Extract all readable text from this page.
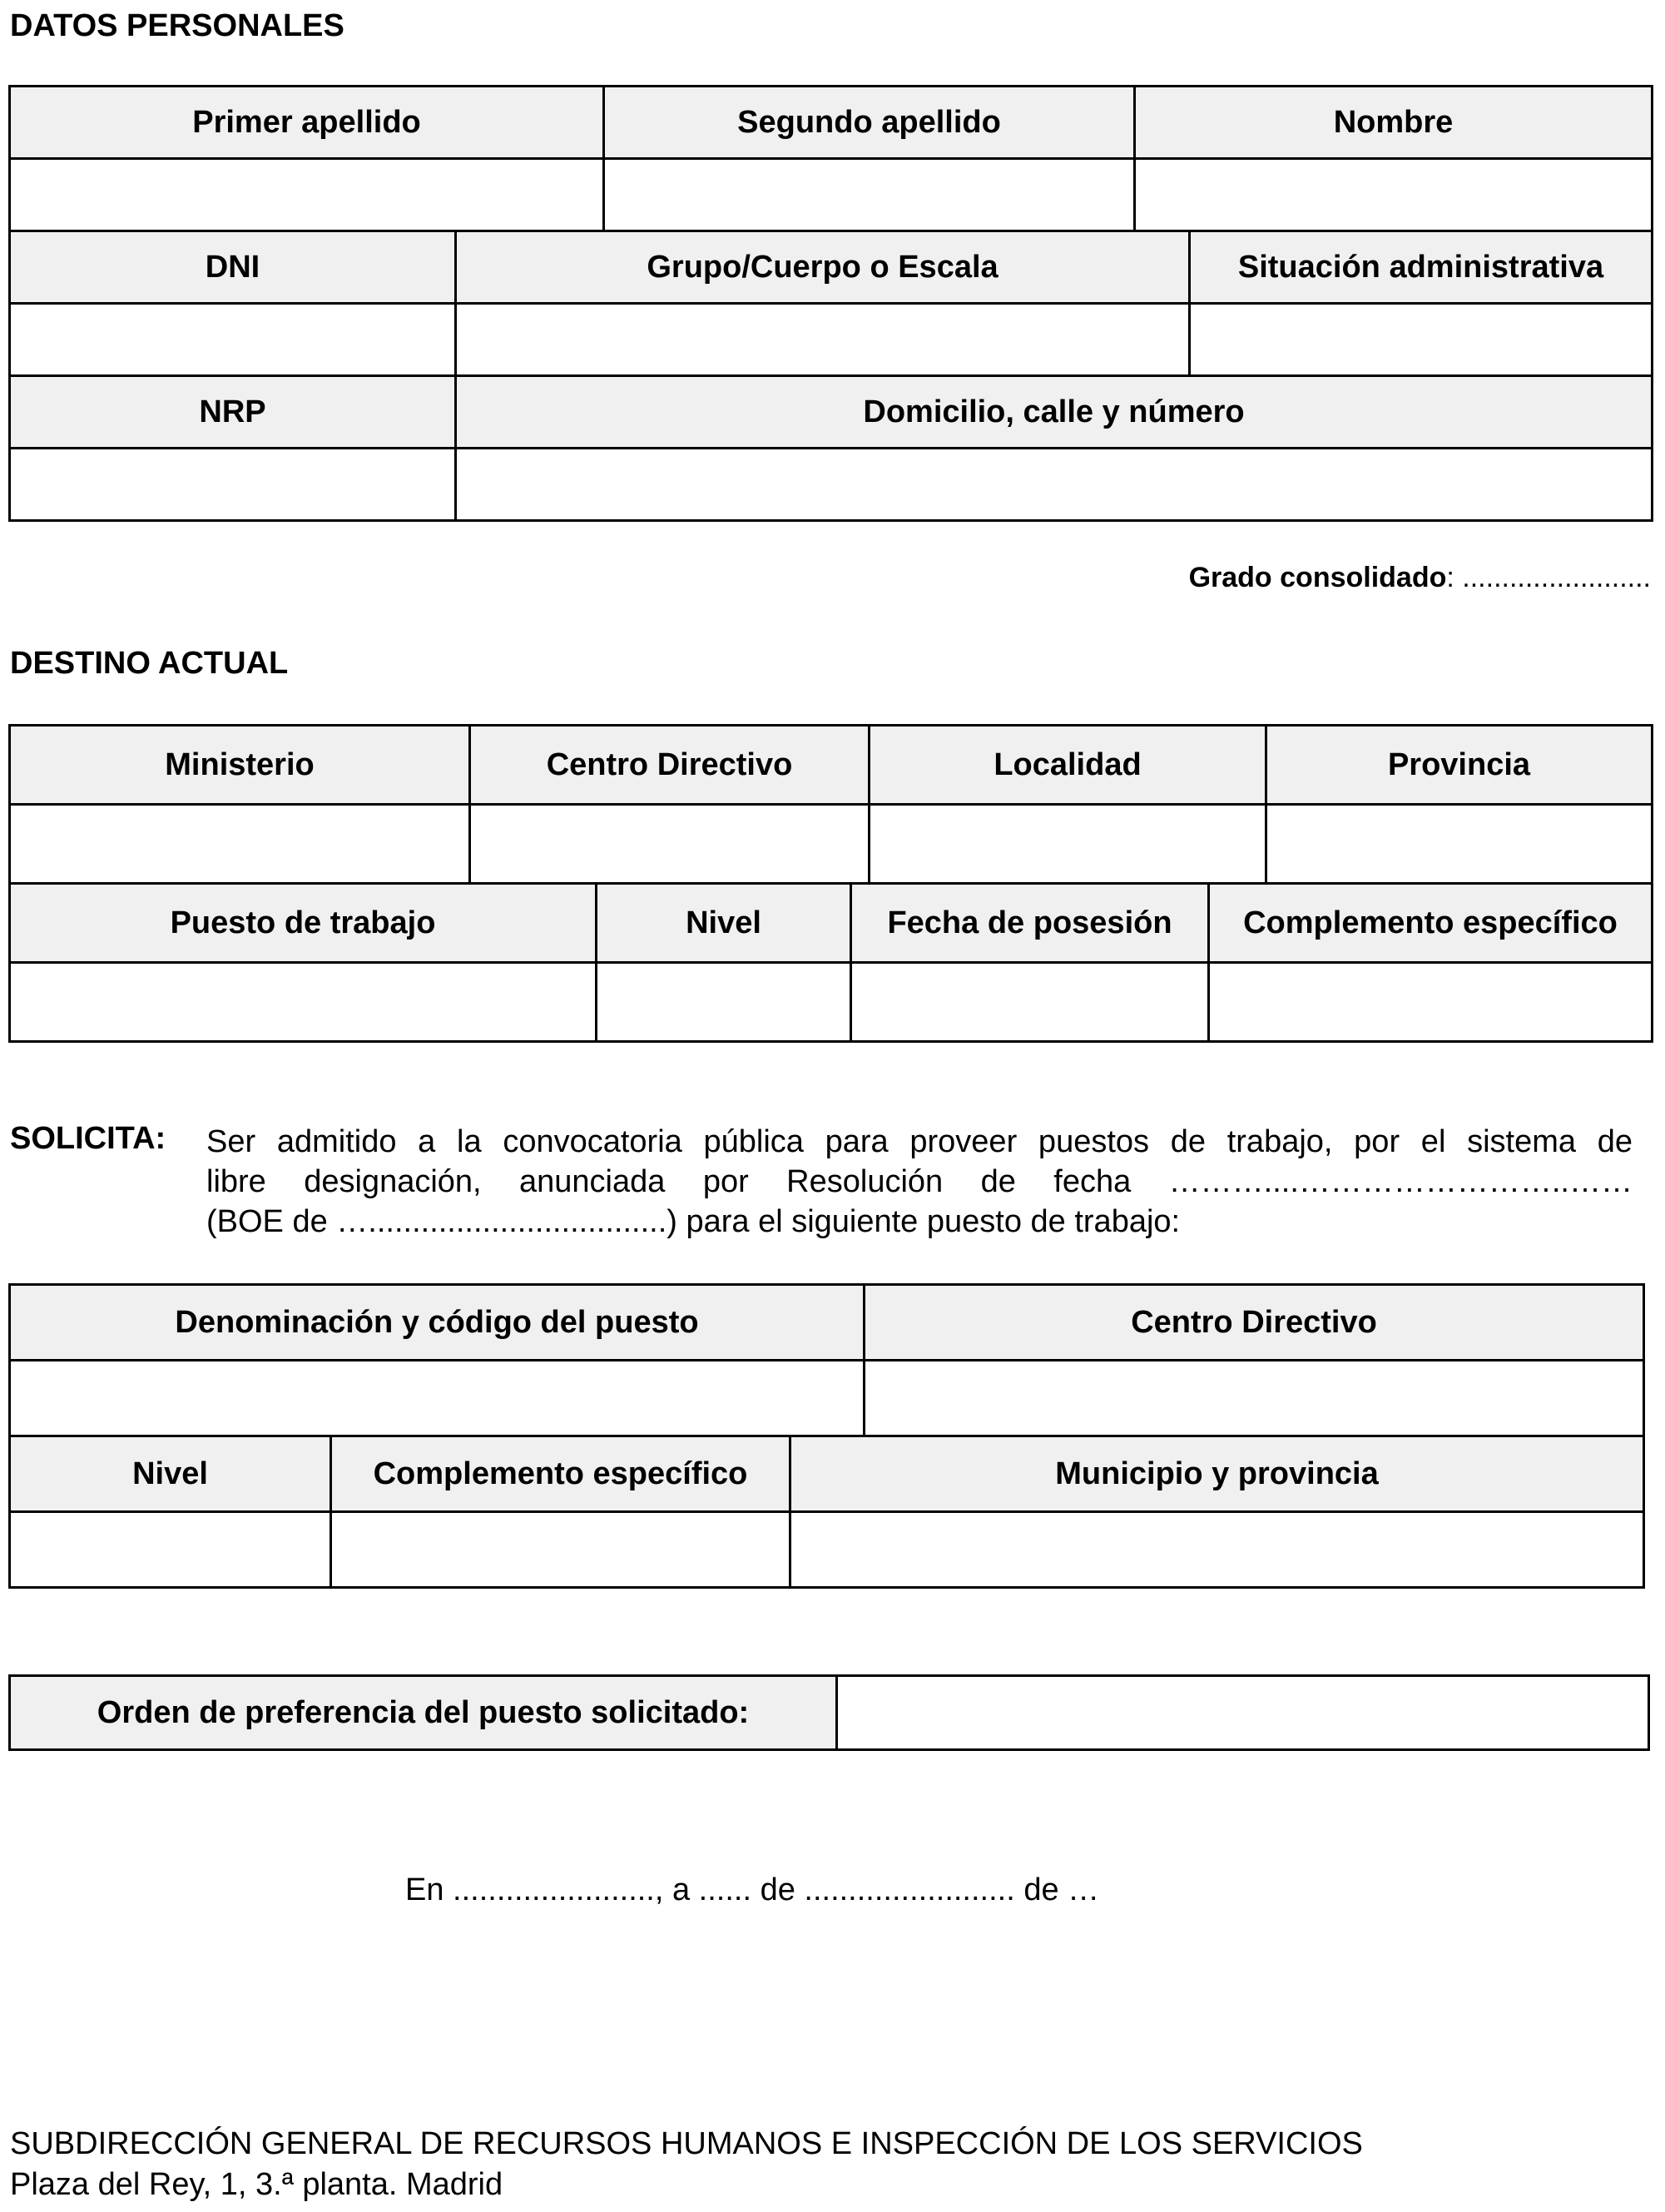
DATOS PERSONALES
Primer apellido	Segundo apellido	Nombre

DNI	Grupo/Cuerpo o Escala	Situación administrativa

NRP	Domicilio, calle y número

Grado consolidado: ........................
DESTINO ACTUAL
Ministerio	Centro Directivo	Localidad	Provincia

Puesto de trabajo	Nivel	Fecha de posesión	Complemento específico

SOLICITA: Ser admitido a la convocatoria pública para proveer puestos de trabajo, por el sistema de
libre designación, anunciada por Resolución de fecha ………....……………………..……
(BOE de …..................................) para el siguiente puesto de trabajo:
Denominación y código del puesto	Centro Directivo

Nivel	Complemento específico	Municipio y provincia

Orden de preferencia del puesto solicitado:	
En ......................., a ...... de ........................ de …
SUBDIRECCIÓN GENERAL DE RECURSOS HUMANOS E INSPECCIÓN DE LOS SERVICIOS
Plaza del Rey, 1, 3.ª planta. Madrid
